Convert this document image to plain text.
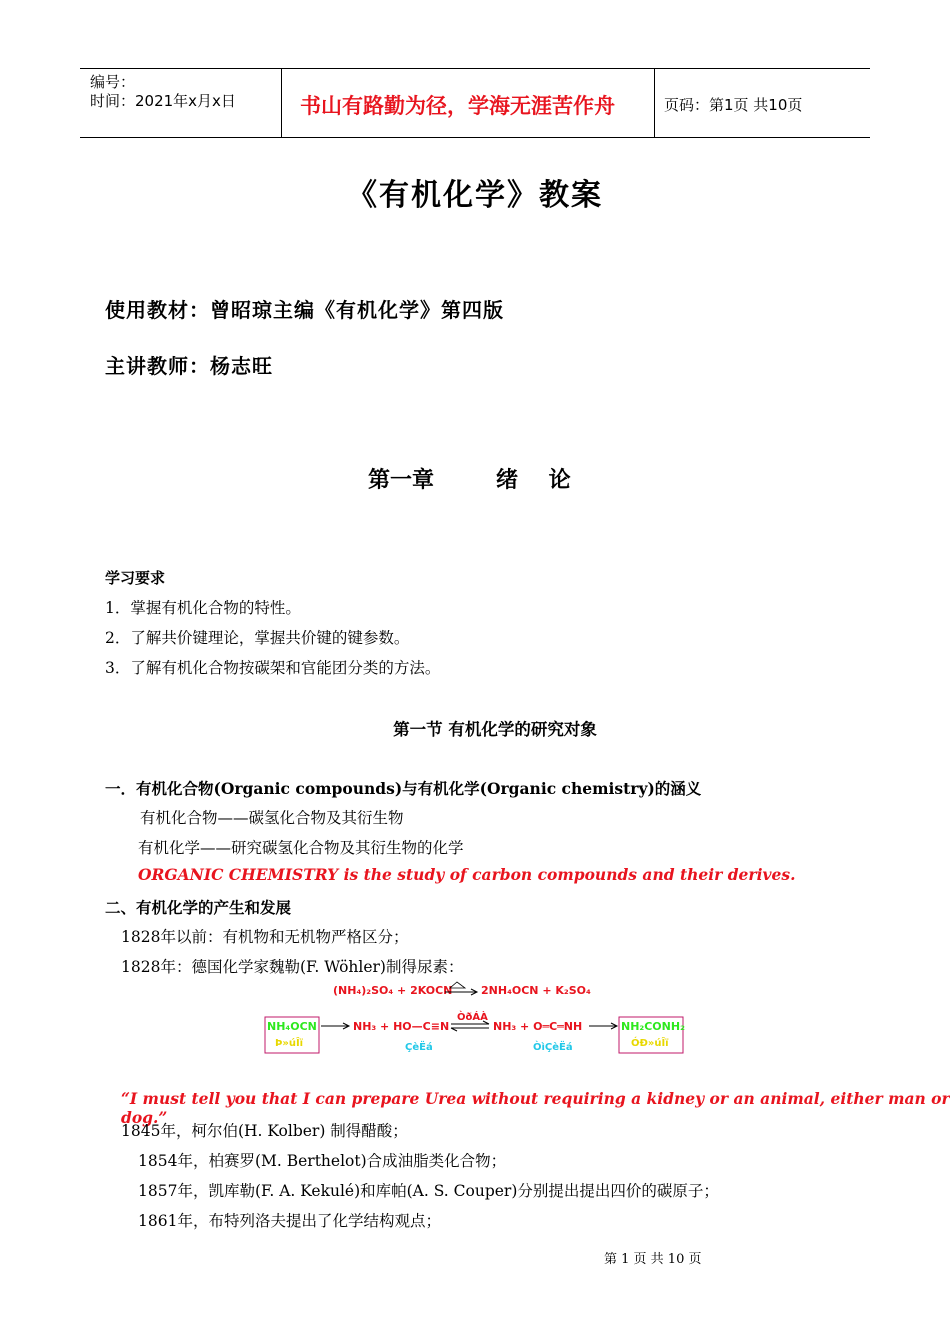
编号：
时间：2021年x月x日	书山有路勤为径，学海无涯苦作舟	页码：第1页 共10页
《有机化学》教案
使用教材：曾昭琼主编《有机化学》第四版
主讲教师：杨志旺
第一章	绪    论
学习要求
1．掌握有机化合物的特性。
2．了解共价键理论，掌握共价键的键参数。
3．了解有机化合物按碳架和官能团分类的方法。
第一节 有机化学的研究对象
一．有机化合物(Organic compounds)与有机化学(Organic chemistry)的涵义
有机化合物——碳氢化合物及其衍生物
有机化学——研究碳氢化合物及其衍生物的化学
ORGANIC CHEMISTRY is the study of carbon compounds and their derives.
二、有机化学的产生和发展
1828年以前：有机物和无机物严格区分；
1828年：德国化学家魏勒(F. Wöhler)制得尿素：
(NH₄)₂SO₄ + 2KOCN	2NH₄OCN + K₂SO₄
NH₄OCN
Þ»úÎï
NH₃ + HO—C≡N
ÇèËá
ÒðÁÀ
NH₃ + O═C═NH
ÒìÇèËá
NH₂CONH₂
ÓÐ»úÎï
“I must tell you that I can prepare Urea without requiring a kidney or an animal, either man or dog.”
1845年，柯尔伯(H. Kolber) 制得醋酸；
1854年，柏赛罗(M. Berthelot)合成油脂类化合物；
1857年，凯库勒(F. A. Kekulé)和库帕(A. S. Couper)分别提出提出四价的碳原子；
1861年，布特列洛夫提出了化学结构观点；
第 1 页 共 10 页
